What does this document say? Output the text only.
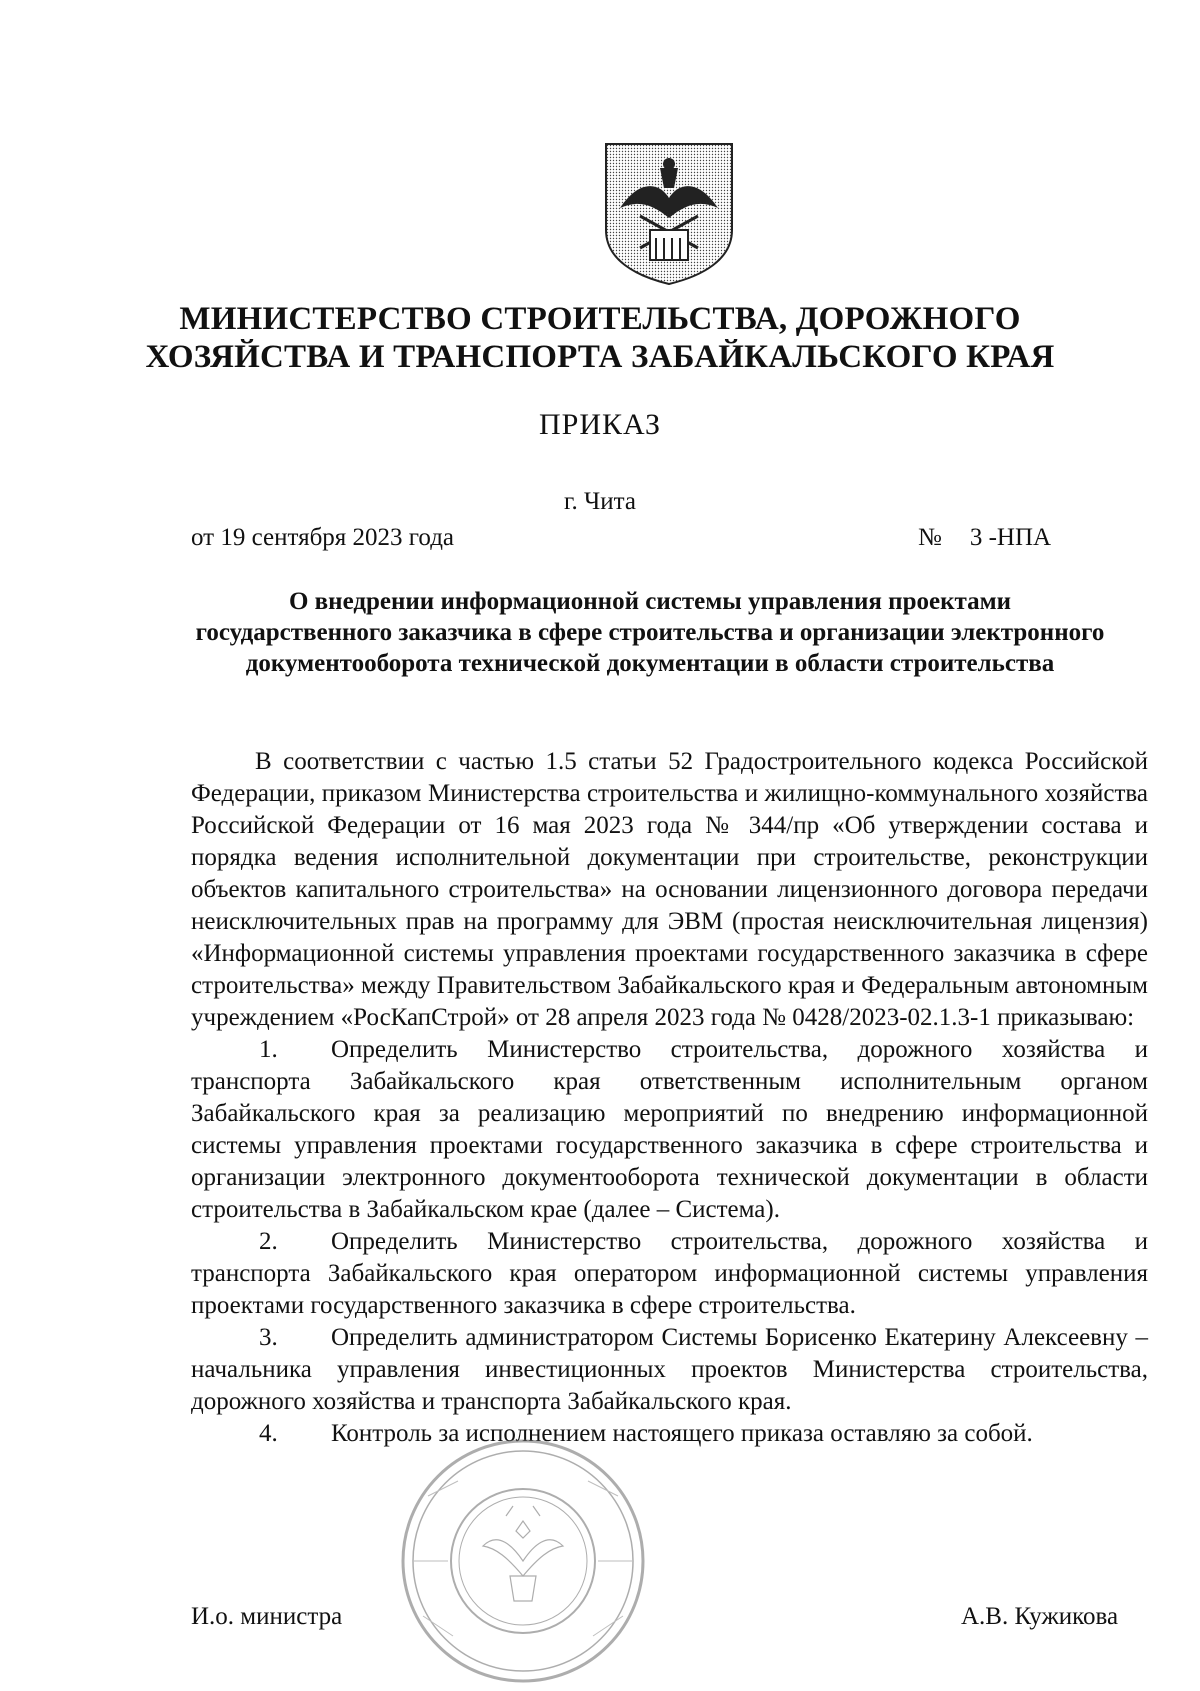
МИНИСТЕРСТВО СТРОИТЕЛЬСТВА, ДОРОЖНОГО
ХОЗЯЙСТВА И ТРАНСПОРТА ЗАБАЙКАЛЬСКОГО КРАЯ
ПРИКАЗ
г. Чита
от 19 сентября 2023 года	№ 3 -НПА
О внедрении информационной системы управления проектами государственного заказчика в сфере строительства и организации электронного документооборота технической документации в области строительства

В соответствии с частью 1.5 статьи 52 Градостроительного кодекса Российской Федерации, приказом Министерства строительства и жилищно-коммунального хозяйства Российской Федерации от 16 мая 2023 года № 344/пр «Об утверждении состава и порядка ведения исполнительной документации при строительстве, реконструкции объектов капитального строительства» на основании лицензионного договора передачи неисключительных прав на программу для ЭВМ (простая неисключительная лицензия) «Информационной системы управления проектами государственного заказчика в сфере строительства» между Правительством Забайкальского края и Федеральным автономным учреждением «РосКапСтрой» от 28 апреля 2023 года № 0428/2023-02.1.3-1 приказываю:

1. Определить Министерство строительства, дорожного хозяйства и транспорта Забайкальского края ответственным исполнительным органом Забайкальского края за реализацию мероприятий по внедрению информационной системы управления проектами государственного заказчика в сфере строительства и организации электронного документооборота технической документации в области строительства в Забайкальском крае (далее – Система).

2. Определить Министерство строительства, дорожного хозяйства и транспорта Забайкальского края оператором информационной системы управления проектами государственного заказчика в сфере строительства.

3. Определить администратором Системы Борисенко Екатерину Алексеевну – начальника управления инвестиционных проектов Министерства строительства, дорожного хозяйства и транспорта Забайкальского края.

4. Контроль за исполнением настоящего приказа оставляю за собой.

И.о. министра	А.В. Кужикова
